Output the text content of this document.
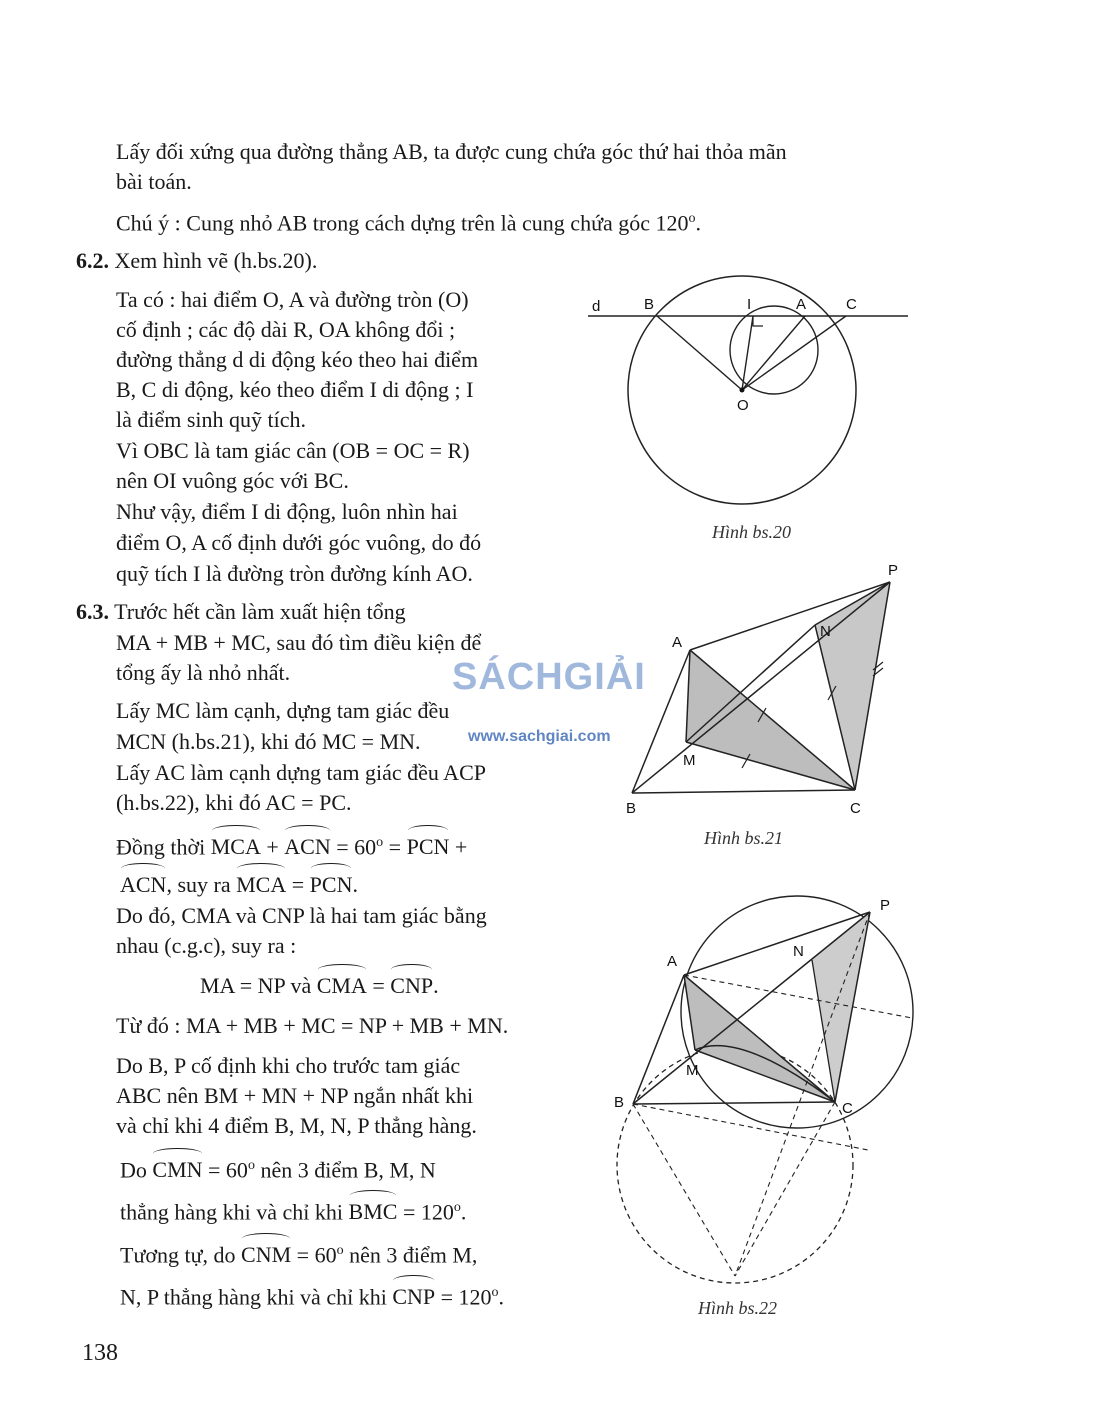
Lấy đối xứng qua đường thẳng AB, ta được cung chứa góc thứ hai thỏa mãn
bài toán.
Chú ý : Cung nhỏ AB trong cách dựng trên là cung chứa góc 120$^o$.
6.2. Xem hình vẽ (h.bs.20).
Ta có : hai điểm O, A và đường tròn (O)
cố định ; các độ dài R, OA không đổi ;
đường thẳng d di động kéo theo hai điểm
B, C di động, kéo theo điểm I di động ; I
là điểm sinh quỹ tích.
Vì OBC là tam giác cân (OB = OC = R)
nên OI vuông góc với BC.
Như vậy, điểm I di động, luôn nhìn hai
điểm O, A cố định dưới góc vuông, do đó
quỹ tích I là đường tròn đường kính AO.
6.3. Trước hết cần làm xuất hiện tổng
MA + MB + MC, sau đó tìm điều kiện để
tổng ấy là nhỏ nhất.
Lấy MC làm cạnh, dựng tam giác đều
MCN (h.bs.21), khi đó MC = MN.
Lấy AC làm cạnh dựng tam giác đều ACP
(h.bs.22), khi đó AC = PC.
Đồng thời MCA + ACN = $60^o$ = PCN +
ACN, suy ra MCA = PCN.
Do đó, CMA và CNP là hai tam giác bằng
nhau (c.g.c), suy ra :
MA = NP và CMA = CNP.
Từ đó : MA + MB + MC = NP + MB + MN.
Do B, P cố định khi cho trước tam giác
ABC nên BM + MN + NP ngắn nhất khi
và chỉ khi 4 điểm B, M, N, P thẳng hàng.
Do CMN = $60^o$ nên 3 điểm B, M, N
thẳng hàng khi và chỉ khi BMC = $120^o$.
Tương tự, do CNM = $60^o$ nên 3 điểm M,
N, P thẳng hàng khi và chỉ khi CNP = $120^o$.
138
d	B	I	A	C
O
Hình bs.20
P
A
N
M
B	C
Hình bs.21
P
A
N
M
B	C
Hình bs.22
SÁCHGIẢI
www.sachgiai.com
